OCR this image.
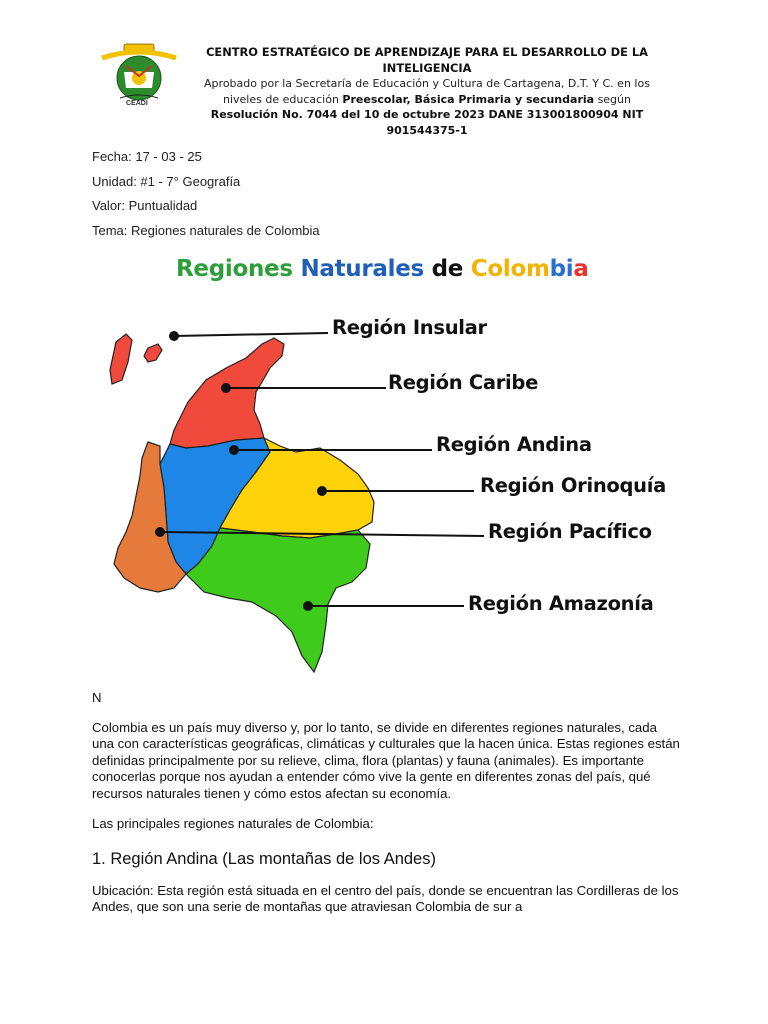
CEADI
CENTRO ESTRATÉGICO DE APRENDIZAJE PARA EL DESARROLLO DE LA INTELIGENCIA
Aprobado por la Secretaría de Educación y Cultura de Cartagena, D.T. Y C. en los niveles de educación Preescolar, Básica Primaria y secundaria según Resolución No. 7044 del 10 de octubre 2023 DANE 313001800904 NIT 901544375-1
Fecha: 17 - 03 - 25
Unidad: #1 - 7° Geografía
Valor: Puntualidad
Tema: Regiones naturales de Colombia
Regiones Naturales de Colombia
Región Insular
Región Caribe
Región Andina
Región Orinoquía
Región Pacífico
Región Amazonía
N
Colombia es un país muy diverso y, por lo tanto, se divide en diferentes regiones naturales, cada una con características geográficas, climáticas y culturales que la hacen única. Estas regiones están definidas principalmente por su relieve, clima, flora (plantas) y fauna (animales). Es importante conocerlas porque nos ayudan a entender cómo vive la gente en diferentes zonas del país, qué recursos naturales tienen y cómo estos afectan su economía.
Las principales regiones naturales de Colombia:
1. Región Andina (Las montañas de los Andes)
Ubicación: Esta región está situada en el centro del país, donde se encuentran las Cordilleras de los Andes, que son una serie de montañas que atraviesan Colombia de sur a
